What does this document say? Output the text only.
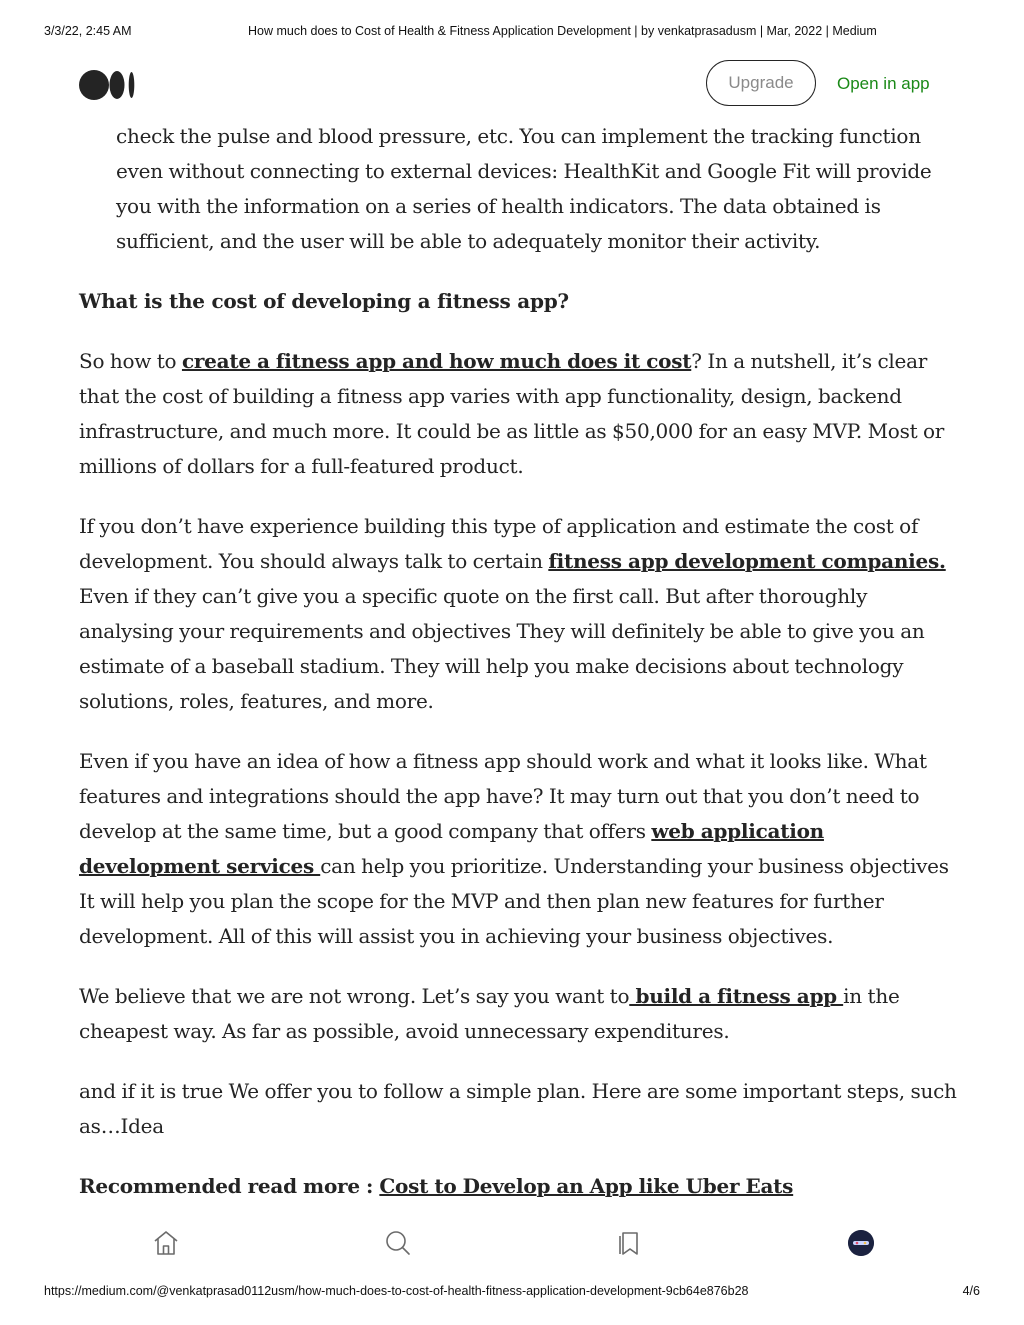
3/3/22, 2:45 AM	How much does to Cost of Health & Fitness Application Development | by venkatprasadusm | Mar, 2022 | Medium
Upgrade	Open in app

check the pulse and blood pressure, etc. You can implement the tracking function even without connecting to external devices: HealthKit and Google Fit will provide you with the information on a series of health indicators. The data obtained is sufficient, and the user will be able to adequately monitor their activity.

What is the cost of developing a fitness app?

So how to create a fitness app and how much does it cost? In a nutshell, it’s clear that the cost of building a fitness app varies with app functionality, design, backend infrastructure, and much more. It could be as little as $50,000 for an easy MVP. Most or millions of dollars for a full-featured product.

If you don’t have experience building this type of application and estimate the cost of development. You should always talk to certain fitness app development companies. Even if they can’t give you a specific quote on the first call. But after thoroughly analysing your requirements and objectives They will definitely be able to give you an estimate of a baseball stadium. They will help you make decisions about technology solutions, roles, features, and more.

Even if you have an idea of how a fitness app should work and what it looks like. What features and integrations should the app have? It may turn out that you don’t need to develop at the same time, but a good company that offers web application development services can help you prioritize. Understanding your business objectives It will help you plan the scope for the MVP and then plan new features for further development. All of this will assist you in achieving your business objectives.

We believe that we are not wrong. Let’s say you want to build a fitness app in the cheapest way. As far as possible, avoid unnecessary expenditures.

and if it is true We offer you to follow a simple plan. Here are some important steps, such as…Idea

Recommended read more : Cost to Develop an App like Uber Eats

https://medium.com/@venkatprasad0112usm/how-much-does-to-cost-of-health-fitness-application-development-9cb64e876b28	4/6
